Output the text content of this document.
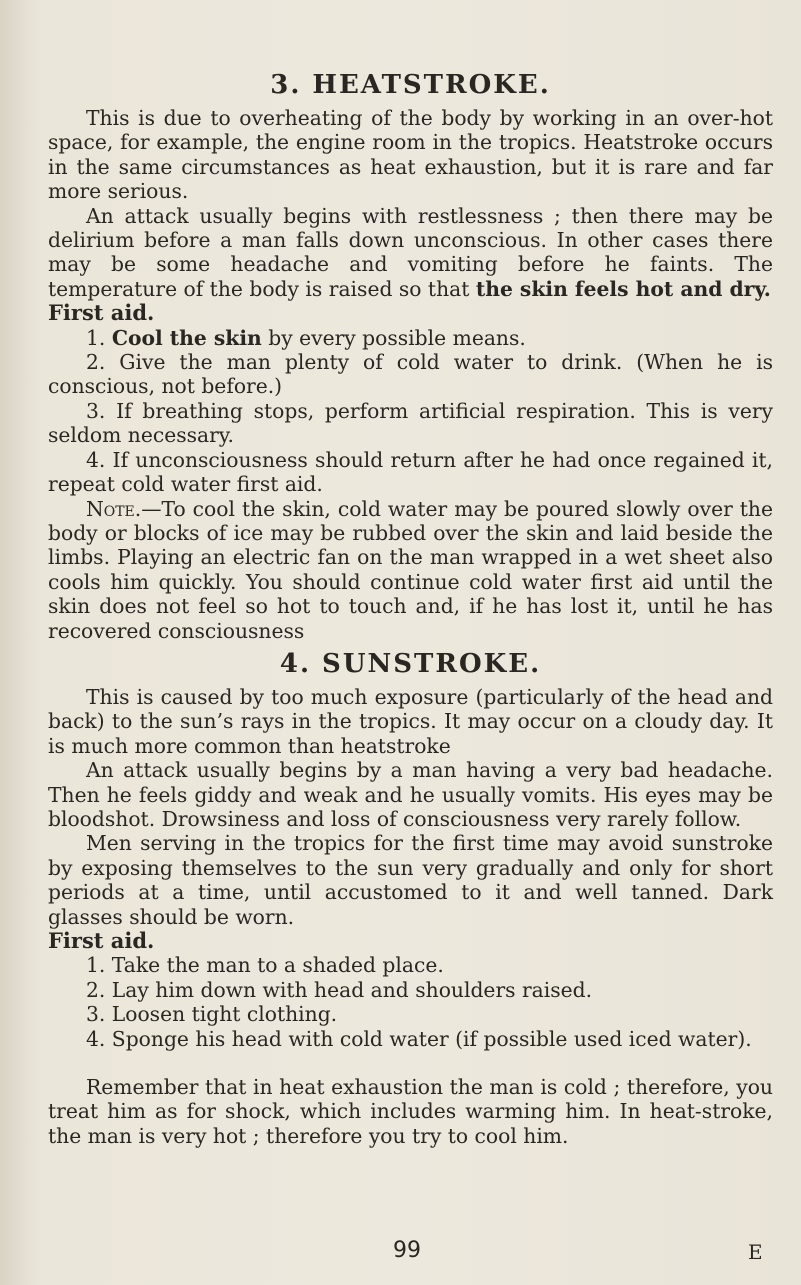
3. HEATSTROKE.

This is due to overheating of the body by working in an over-hot space, for example, the engine room in the tropics. Heatstroke occurs in the same circumstances as heat exhaustion, but it is rare and far more serious.

An attack usually begins with restlessness ; then there may be delirium before a man falls down unconscious. In other cases there may be some headache and vomiting before he faints. The temperature of the body is raised so that the skin feels hot and dry.

First aid.

1. Cool the skin by every possible means.

2. Give the man plenty of cold water to drink. (When he is conscious, not before.)

3. If breathing stops, perform artificial respiration. This is very seldom necessary.

4. If unconsciousness should return after he had once regained it, repeat cold water first aid.

Note.—To cool the skin, cold water may be poured slowly over the body or blocks of ice may be rubbed over the skin and laid beside the limbs. Playing an electric fan on the man wrapped in a wet sheet also cools him quickly. You should continue cold water first aid until the skin does not feel so hot to touch and, if he has lost it, until he has recovered consciousness

4. SUNSTROKE.

This is caused by too much exposure (particularly of the head and back) to the sun’s rays in the tropics. It may occur on a cloudy day. It is much more common than heatstroke

An attack usually begins by a man having a very bad headache. Then he feels giddy and weak and he usually vomits. His eyes may be bloodshot. Drowsiness and loss of consciousness very rarely follow.

Men serving in the tropics for the first time may avoid sunstroke by exposing themselves to the sun very gradually and only for short periods at a time, until accustomed to it and well tanned. Dark glasses should be worn.

First aid.

1. Take the man to a shaded place.

2. Lay him down with head and shoulders raised.

3. Loosen tight clothing.

4. Sponge his head with cold water (if possible used iced water).

Remember that in heat exhaustion the man is cold ; therefore, you treat him as for shock, which includes warming him. In heat-stroke, the man is very hot ; therefore you try to cool him.

99	E
